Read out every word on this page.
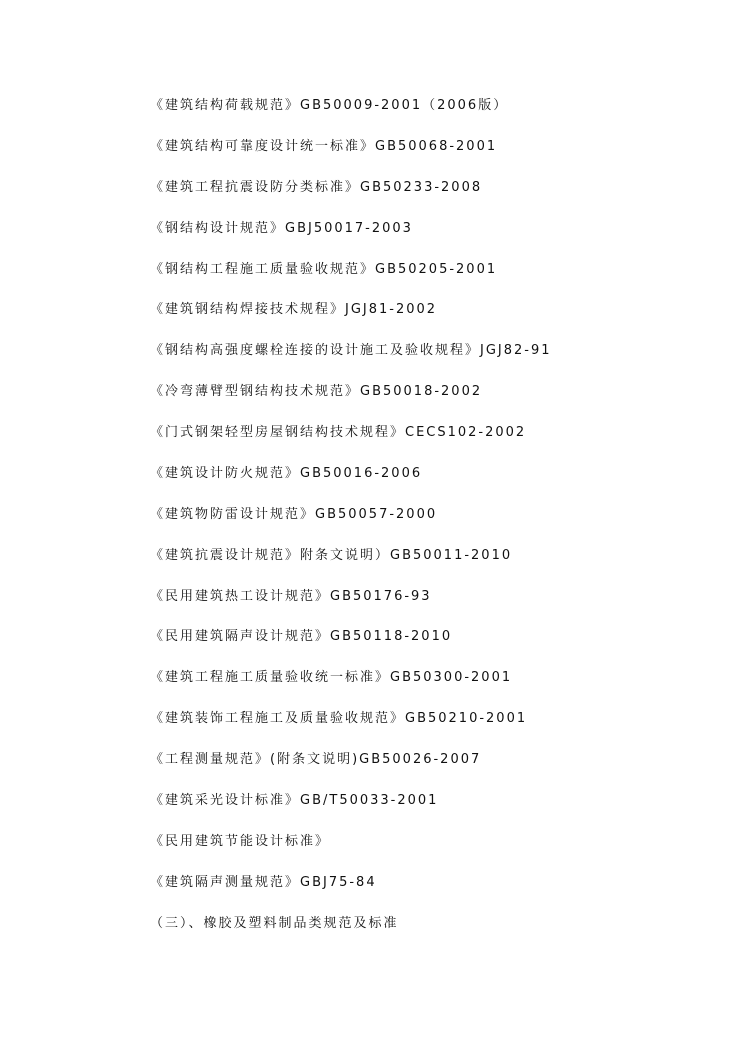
《建筑结构荷载规范》GB50009-2001（2006版）
《建筑结构可靠度设计统一标准》GB50068-2001
《建筑工程抗震设防分类标准》GB50233-2008
《钢结构设计规范》GBJ50017-2003
《钢结构工程施工质量验收规范》GB50205-2001
《建筑钢结构焊接技术规程》JGJ81-2002
《钢结构高强度螺栓连接的设计施工及验收规程》JGJ82-91
《冷弯薄臂型钢结构技术规范》GB50018-2002
《门式钢架轻型房屋钢结构技术规程》CECS102-2002
《建筑设计防火规范》GB50016-2006
《建筑物防雷设计规范》GB50057-2000
《建筑抗震设计规范》附条文说明）GB50011-2010
《民用建筑热工设计规范》GB50176-93
《民用建筑隔声设计规范》GB50118-2010
《建筑工程施工质量验收统一标准》GB50300-2001
《建筑装饰工程施工及质量验收规范》GB50210-2001
《工程测量规范》(附条文说明)GB50026-2007
《建筑采光设计标准》GB/T50033-2001
《民用建筑节能设计标准》
《建筑隔声测量规范》GBJ75-84
（三）、橡胶及塑料制品类规范及标准
